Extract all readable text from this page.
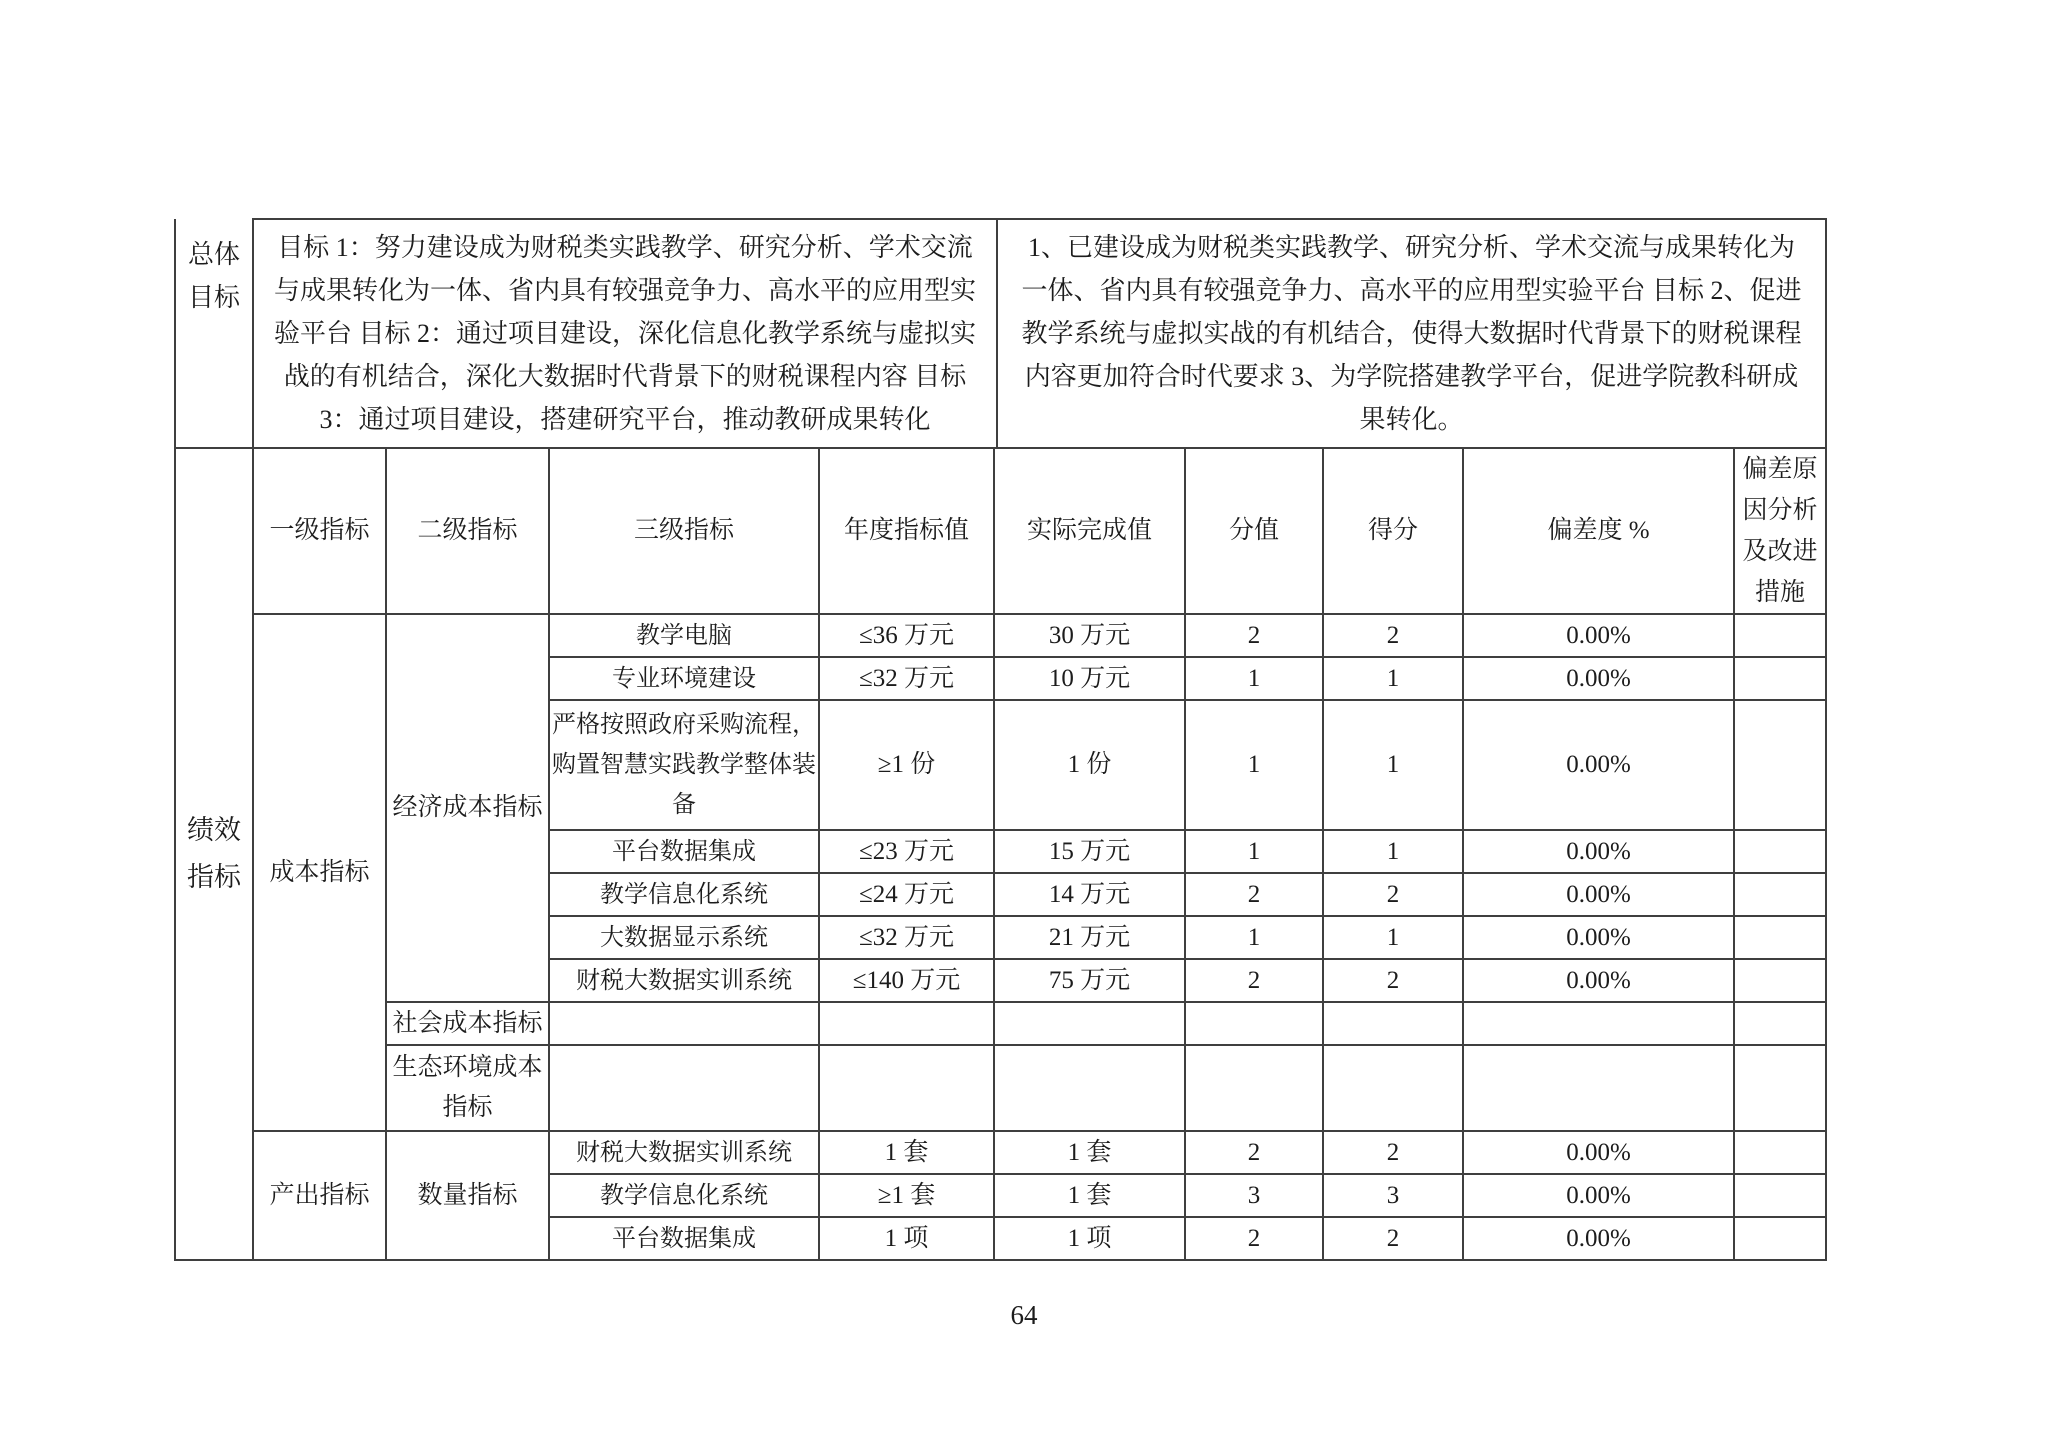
总体目标	目标 1：努力建设成为财税类实践教学、研究分析、学术交流与成果转化为一体、省内具有较强竞争力、高水平的应用型实验平台 目标 2：通过项目建设，深化信息化教学系统与虚拟实战的有机结合，深化大数据时代背景下的财税课程内容 目标 3：通过项目建设，搭建研究平台，推动教研成果转化	1、已建设成为财税类实践教学、研究分析、学术交流与成果转化为一体、省内具有较强竞争力、高水平的应用型实验平台 目标 2、促进教学系统与虚拟实战的有机结合，使得大数据时代背景下的财税课程内容更加符合时代要求 3、为学院搭建教学平台，促进学院教科研成果转化。
绩效指标	一级指标	二级指标	三级指标	年度指标值	实际完成值	分值	得分	偏差度 %	偏差原因分析及改进措施
	成本指标	经济成本指标	教学电脑	≤36 万元	30 万元	2	2	0.00%	
			专业环境建设	≤32 万元	10 万元	1	1	0.00%	
			严格按照政府采购流程，购置智慧实践教学整体装备	≥1 份	1 份	1	1	0.00%	
			平台数据集成	≤23 万元	15 万元	1	1	0.00%	
			教学信息化系统	≤24 万元	14 万元	2	2	0.00%	
			大数据显示系统	≤32 万元	21 万元	1	1	0.00%	
			财税大数据实训系统	≤140 万元	75 万元	2	2	0.00%	
		社会成本指标							
		生态环境成本指标							
	产出指标	数量指标	财税大数据实训系统	1 套	1 套	2	2	0.00%	
			教学信息化系统	≥1 套	1 套	3	3	0.00%	
			平台数据集成	1 项	1 项	2	2	0.00%	
64
